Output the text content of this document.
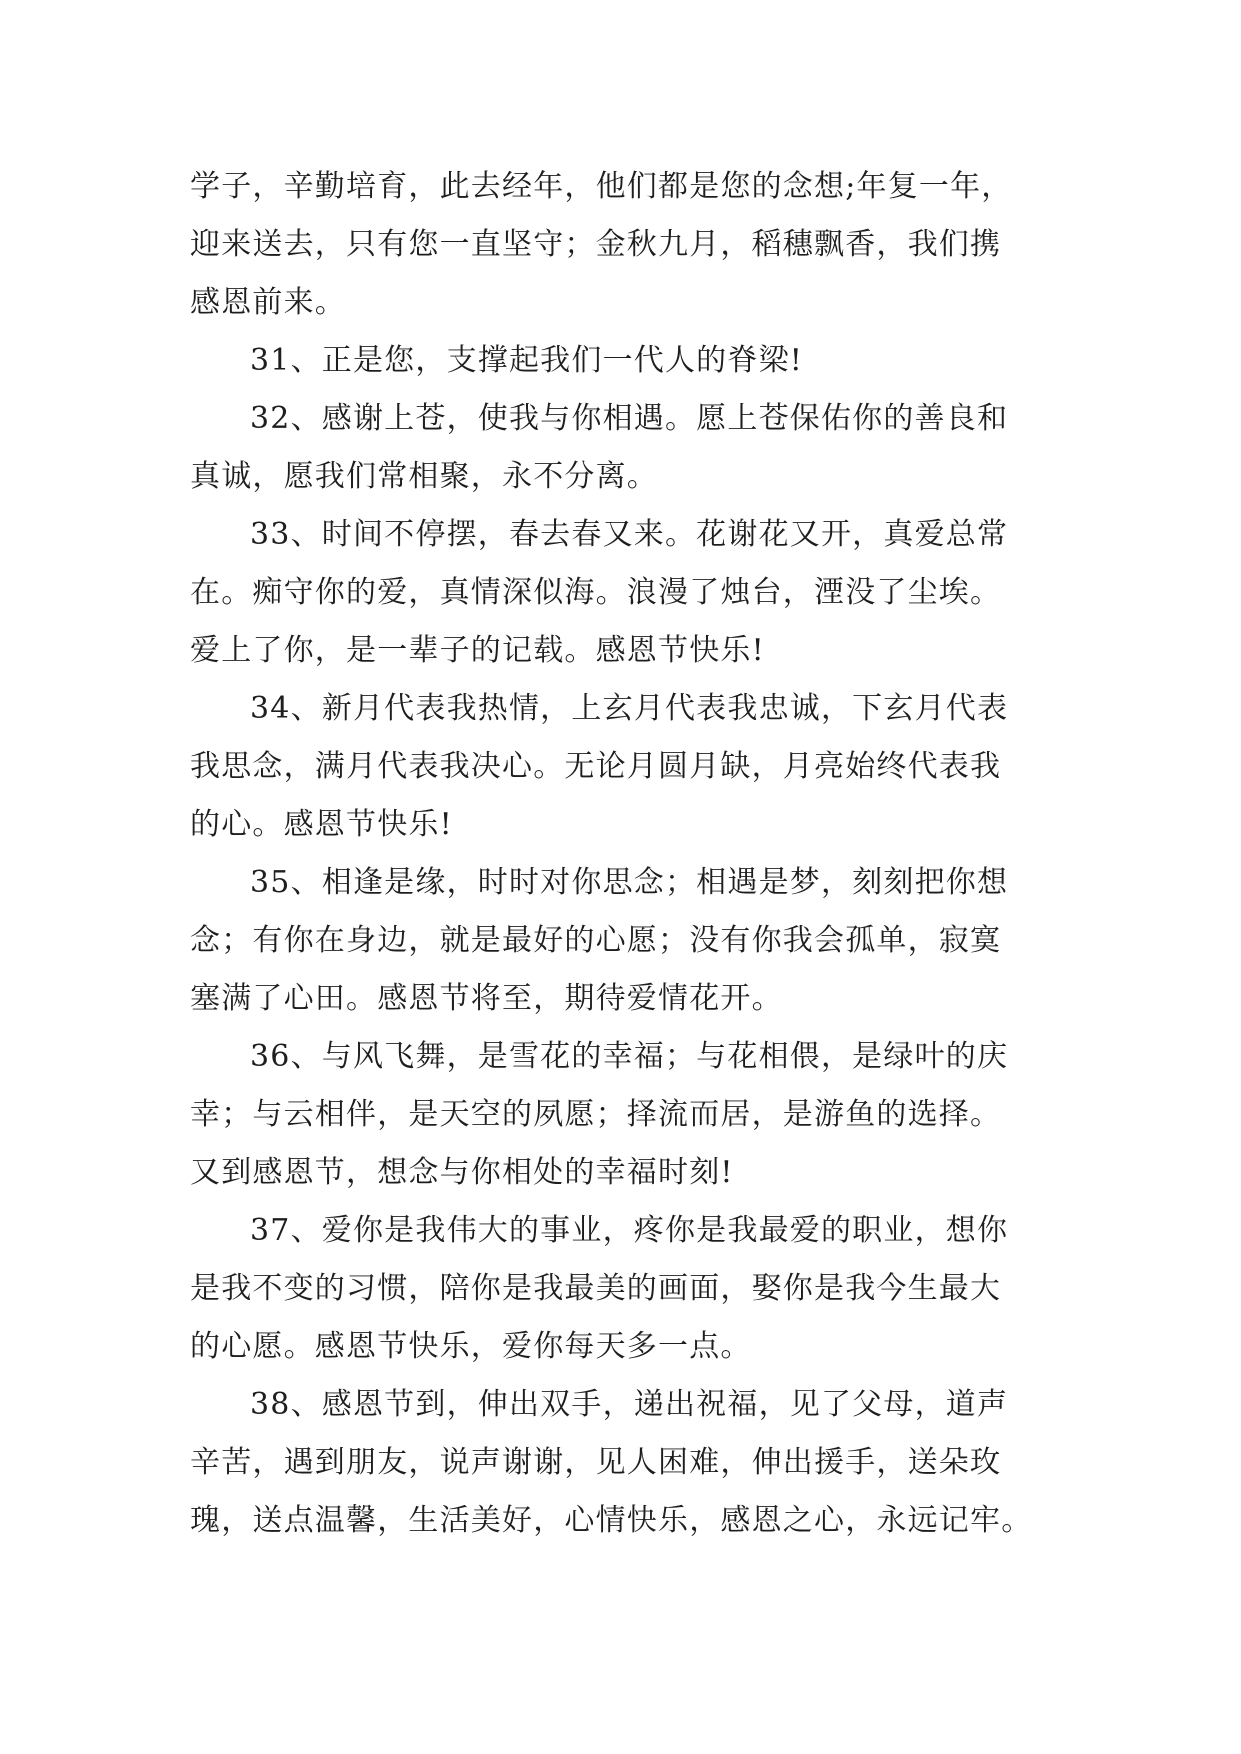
学子，辛勤培育，此去经年，他们都是您的念想;年复一年，
迎来送去，只有您一直坚守；金秋九月，稻穗飘香，我们携
感恩前来。
31、正是您，支撑起我们一代人的脊梁!
32、感谢上苍，使我与你相遇。愿上苍保佑你的善良和
真诚，愿我们常相聚，永不分离。
33、时间不停摆，春去春又来。花谢花又开，真爱总常
在。痴守你的爱，真情深似海。浪漫了烛台，湮没了尘埃。
爱上了你，是一辈子的记载。感恩节快乐!
34、新月代表我热情，上玄月代表我忠诚，下玄月代表
我思念，满月代表我决心。无论月圆月缺，月亮始终代表我
的心。感恩节快乐!
35、相逢是缘，时时对你思念；相遇是梦，刻刻把你想
念；有你在身边，就是最好的心愿；没有你我会孤单，寂寞
塞满了心田。感恩节将至，期待爱情花开。
36、与风飞舞，是雪花的幸福；与花相偎，是绿叶的庆
幸；与云相伴，是天空的夙愿；择流而居，是游鱼的选择。
又到感恩节，想念与你相处的幸福时刻!
37、爱你是我伟大的事业，疼你是我最爱的职业，想你
是我不变的习惯，陪你是我最美的画面，娶你是我今生最大
的心愿。感恩节快乐，爱你每天多一点。
38、感恩节到，伸出双手，递出祝福，见了父母，道声
辛苦，遇到朋友，说声谢谢，见人困难，伸出援手，送朵玫
瑰，送点温馨，生活美好，心情快乐，感恩之心，永远记牢。
